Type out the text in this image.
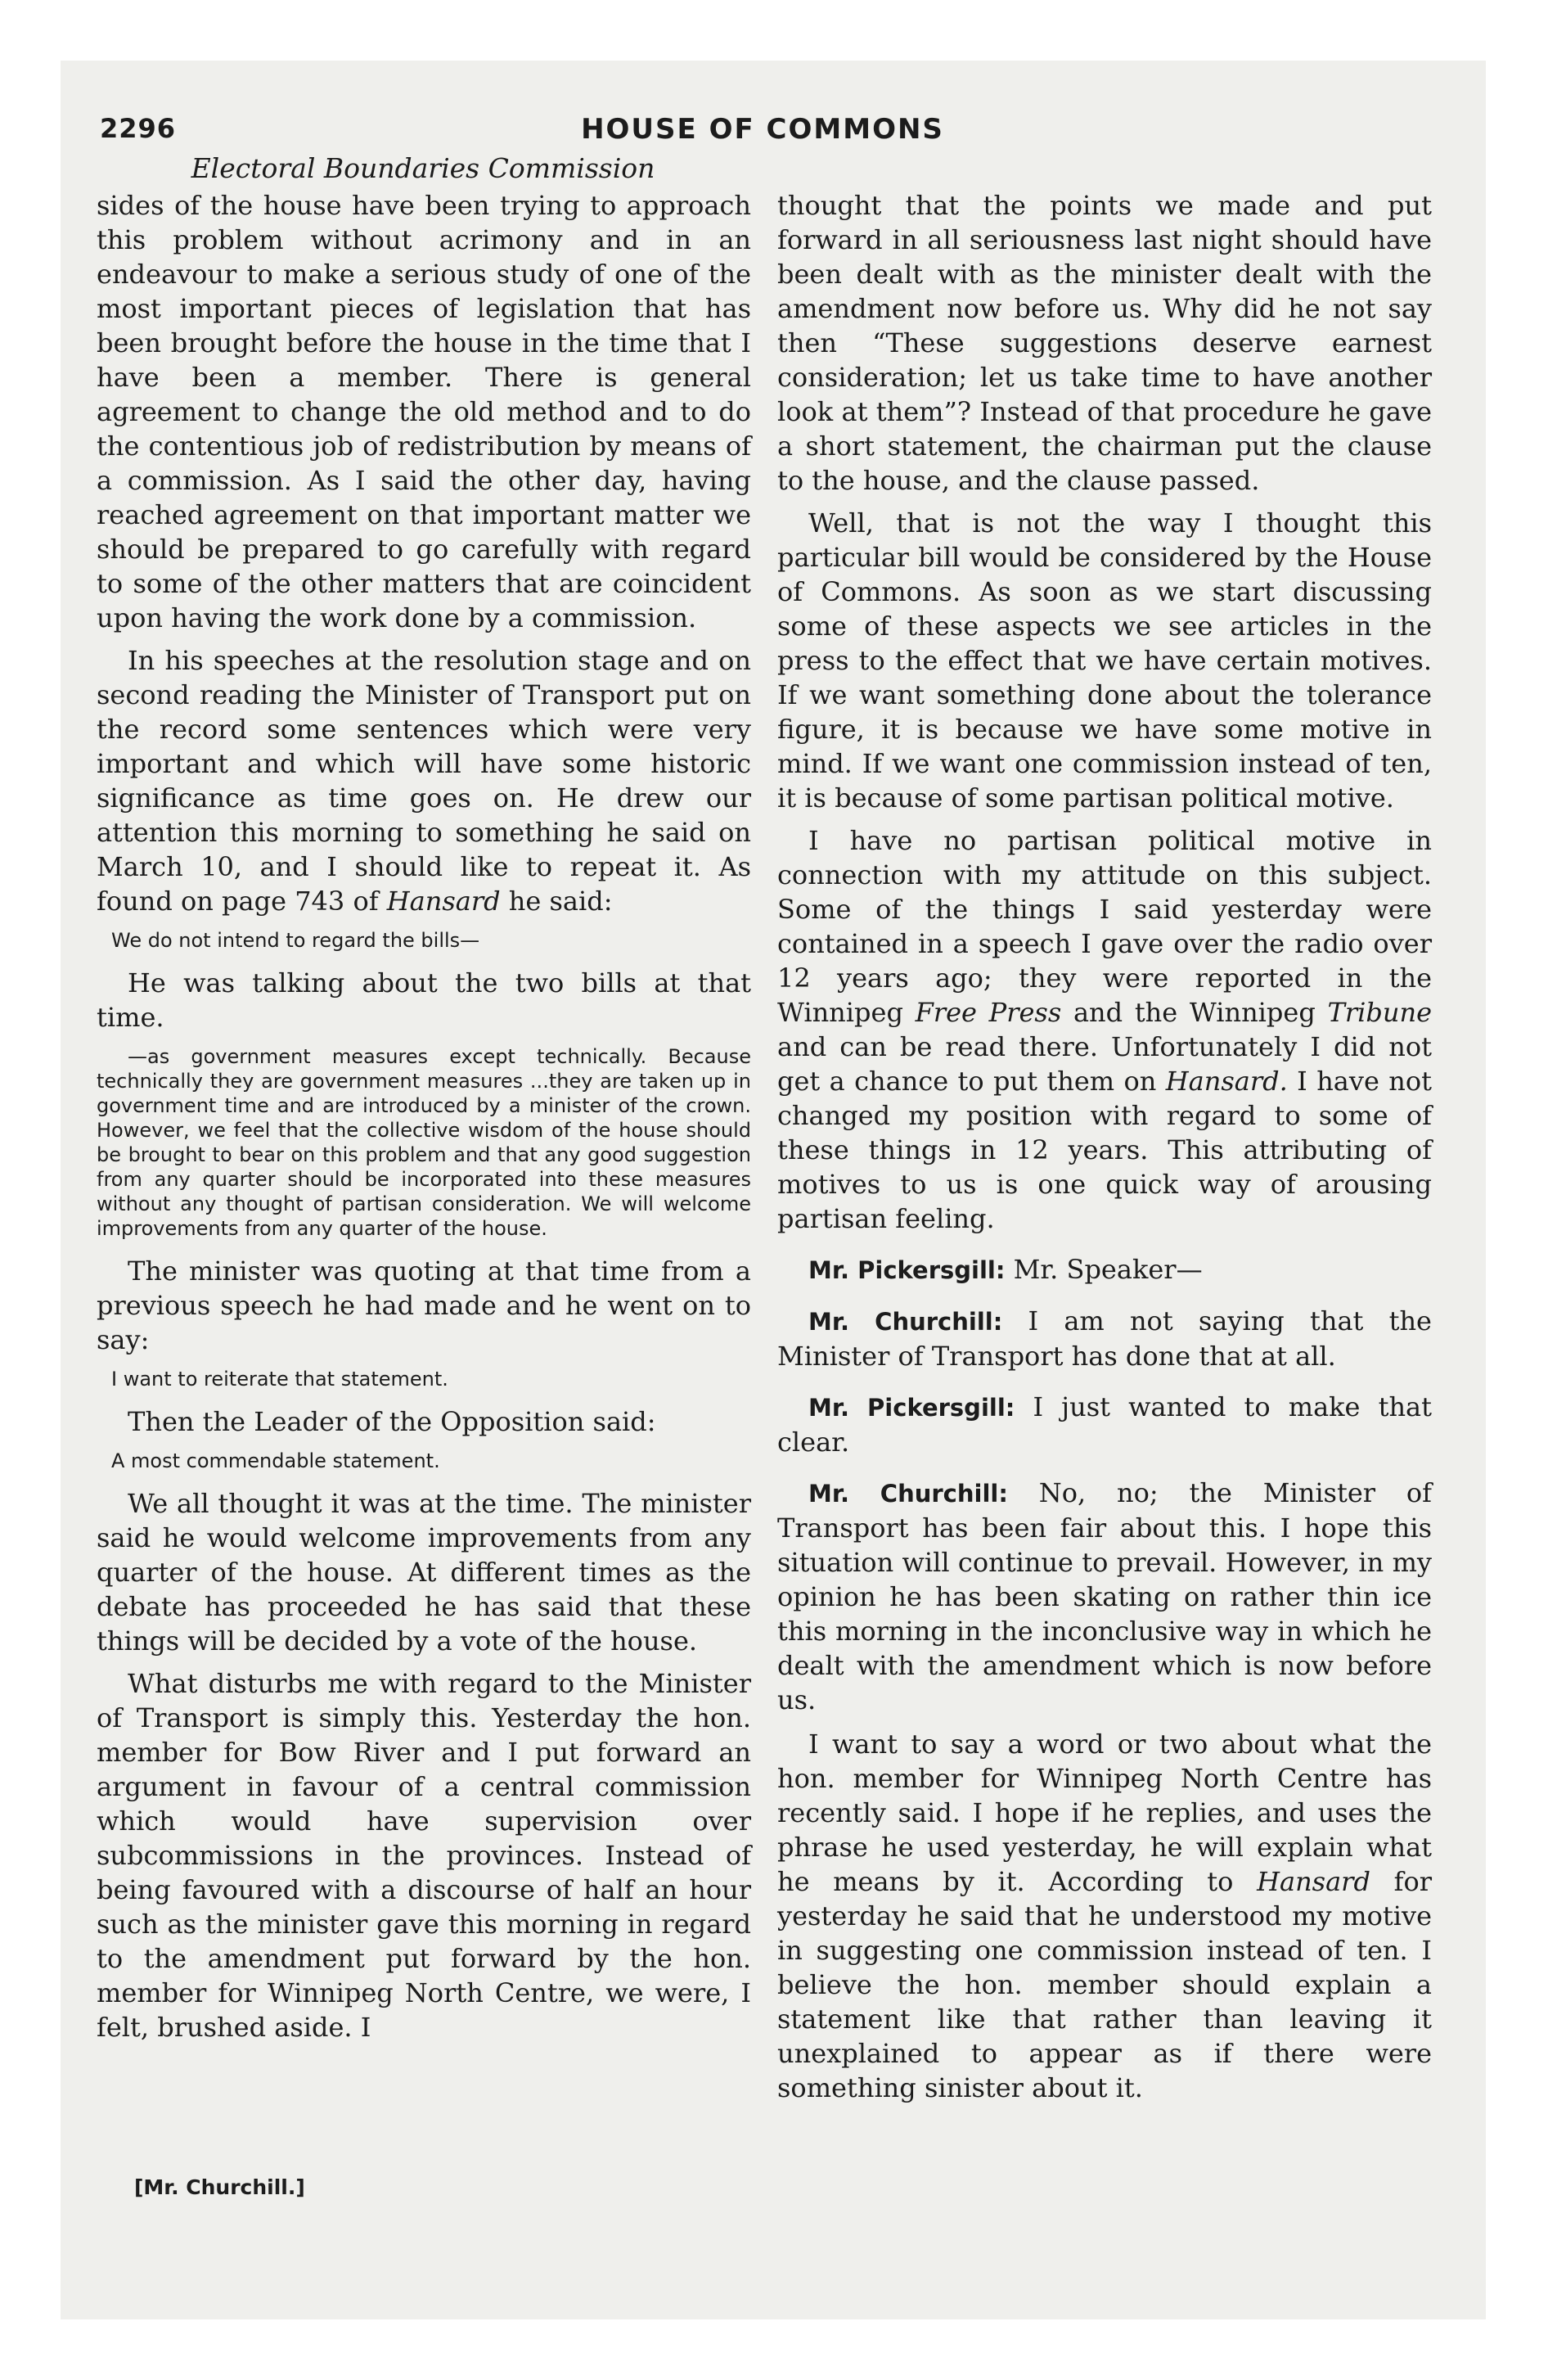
2296	HOUSE OF COMMONS
Electoral Boundaries Commission

sides of the house have been trying to approach this problem without acrimony and in an endeavour to make a serious study of one of the most important pieces of legislation that has been brought before the house in the time that I have been a member. There is general agreement to change the old method and to do the contentious job of redistribution by means of a commission. As I said the other day, having reached agreement on that important matter we should be prepared to go carefully with regard to some of the other matters that are coincident upon having the work done by a commission.

In his speeches at the resolution stage and on second reading the Minister of Transport put on the record some sentences which were very important and which will have some historic significance as time goes on. He drew our attention this morning to something he said on March 10, and I should like to repeat it. As found on page 743 of Hansard he said:

We do not intend to regard the bills—

He was talking about the two bills at that time.

—as government measures except technically. Because technically they are government measures ...they are taken up in government time and are introduced by a minister of the crown. However, we feel that the collective wisdom of the house should be brought to bear on this problem and that any good suggestion from any quarter should be incorporated into these measures without any thought of partisan consideration. We will welcome improvements from any quarter of the house.

The minister was quoting at that time from a previous speech he had made and he went on to say:

I want to reiterate that statement.

Then the Leader of the Opposition said:

A most commendable statement.

We all thought it was at the time. The minister said he would welcome improvements from any quarter of the house. At different times as the debate has proceeded he has said that these things will be decided by a vote of the house.

What disturbs me with regard to the Minister of Transport is simply this. Yesterday the hon. member for Bow River and I put forward an argument in favour of a central commission which would have supervision over subcommissions in the provinces. Instead of being favoured with a discourse of half an hour such as the minister gave this morning in regard to the amendment put forward by the hon. member for Winnipeg North Centre, we were, I felt, brushed aside. I

thought that the points we made and put forward in all seriousness last night should have been dealt with as the minister dealt with the amendment now before us. Why did he not say then “These suggestions deserve earnest consideration; let us take time to have another look at them”? Instead of that procedure he gave a short statement, the chairman put the clause to the house, and the clause passed.

Well, that is not the way I thought this particular bill would be considered by the House of Commons. As soon as we start discussing some of these aspects we see articles in the press to the effect that we have certain motives. If we want something done about the tolerance figure, it is because we have some motive in mind. If we want one commission instead of ten, it is because of some partisan political motive.

I have no partisan political motive in connection with my attitude on this subject. Some of the things I said yesterday were contained in a speech I gave over the radio over 12 years ago; they were reported in the Winnipeg Free Press and the Winnipeg Tribune and can be read there. Unfortunately I did not get a chance to put them on Hansard. I have not changed my position with regard to some of these things in 12 years. This attributing of motives to us is one quick way of arousing partisan feeling.

Mr. Pickersgill: Mr. Speaker—

Mr. Churchill: I am not saying that the Minister of Transport has done that at all.

Mr. Pickersgill: I just wanted to make that clear.

Mr. Churchill: No, no; the Minister of Transport has been fair about this. I hope this situation will continue to prevail. However, in my opinion he has been skating on rather thin ice this morning in the inconclusive way in which he dealt with the amendment which is now before us.

I want to say a word or two about what the hon. member for Winnipeg North Centre has recently said. I hope if he replies, and uses the phrase he used yesterday, he will explain what he means by it. According to Hansard for yesterday he said that he understood my motive in suggesting one commission instead of ten. I believe the hon. member should explain a statement like that rather than leaving it unexplained to appear as if there were something sinister about it.

[Mr. Churchill.]
